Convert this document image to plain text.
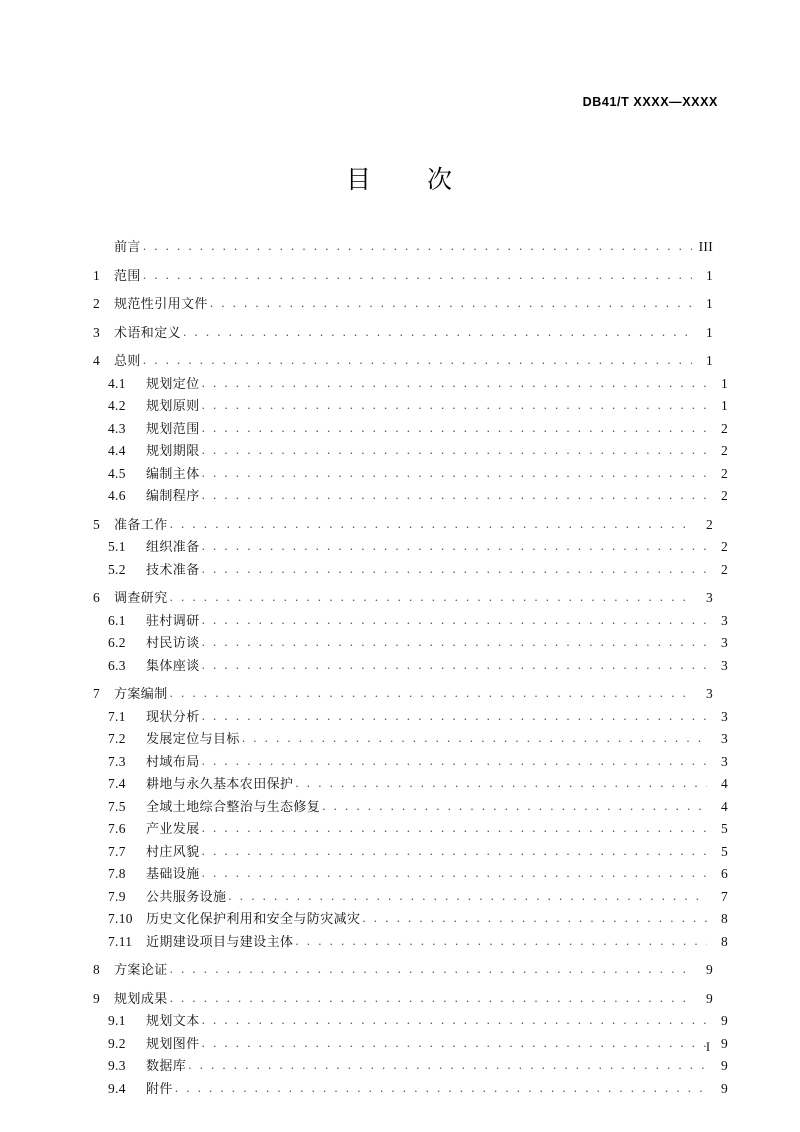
DB41/T XXXX—XXXX
目　　次
前言 . . .	III
1	范围 . . .	1
2	规范性引用文件 . . .	1
3	术语和定义 . . .	1
4	总则 . . .	1
4.1	规划定位 . . .	1
4.2	规划原则 . . .	1
4.3	规划范围 . . .	2
4.4	规划期限 . . .	2
4.5	编制主体 . . .	2
4.6	编制程序 . . .	2
5	准备工作 . . .	2
5.1	组织准备 . . .	2
5.2	技术准备 . . .	2
6	调查研究 . . .	3
6.1	驻村调研 . . .	3
6.2	村民访谈 . . .	3
6.3	集体座谈 . . .	3
7	方案编制 . . .	3
7.1	现状分析 . . .	3
7.2	发展定位与目标 . . .	3
7.3	村域布局 . . .	3
7.4	耕地与永久基本农田保护 . . .	4
7.5	全域土地综合整治与生态修复 . . .	4
7.6	产业发展 . . .	5
7.7	村庄风貌 . . .	5
7.8	基础设施 . . .	6
7.9	公共服务设施 . . .	7
7.10	历史文化保护利用和安全与防灾减灾 . . .	8
7.11	近期建设项目与建设主体 . . .	8
8	方案论证 . . .	9
9	规划成果 . . .	9
9.1	规划文本 . . .	9
9.2	规划图件 . . .	9
9.3	数据库 . . .	9
9.4	附件 . . .	9
I
